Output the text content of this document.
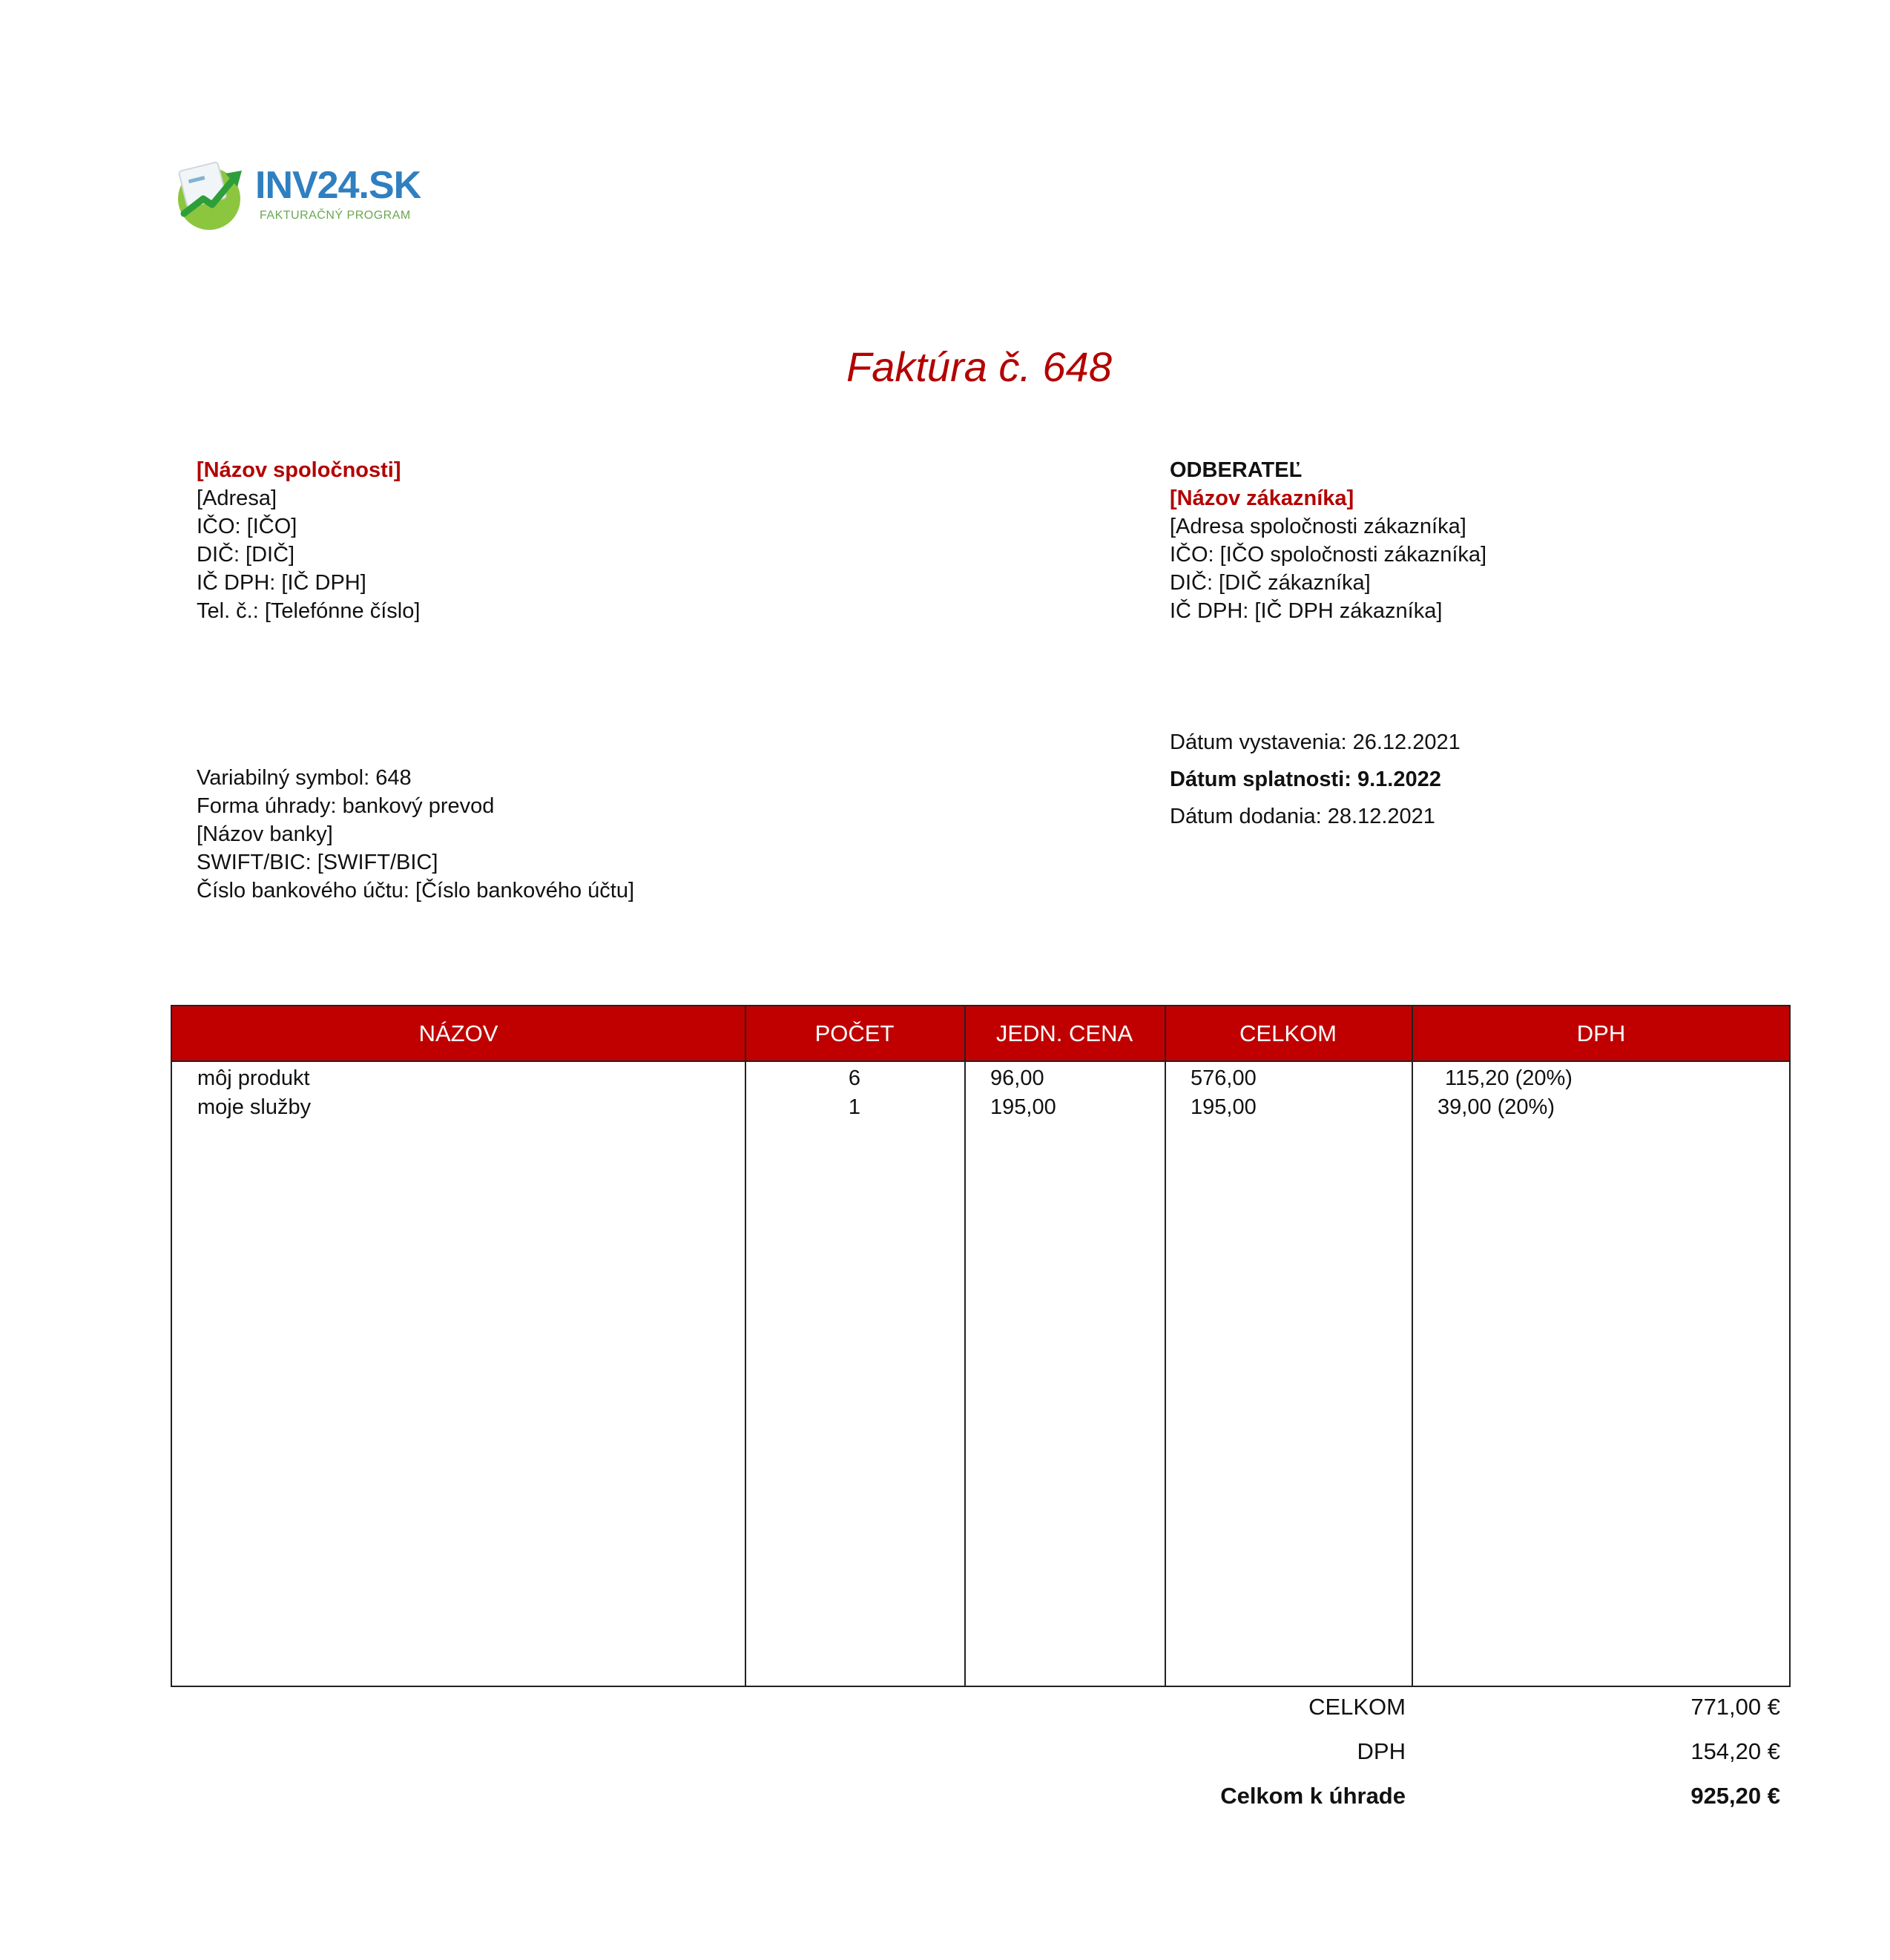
INV24.SK
FAKTURAČNÝ PROGRAM
Faktúra č. 648
[Názov spoločnosti]
[Adresa]
IČO: [IČO]
DIČ: [DIČ]
IČ DPH: [IČ DPH]
Tel. č.: [Telefónne číslo]
ODBERATEĽ
[Názov zákazníka]
[Adresa spoločnosti zákazníka]
IČO: [IČO spoločnosti zákazníka]
DIČ: [DIČ zákazníka]
IČ DPH: [IČ DPH zákazníka]
Dátum vystavenia: 26.12.2021
Dátum splatnosti: 9.1.2022
Dátum dodania: 28.12.2021
Variabilný symbol: 648
Forma úhrady: bankový prevod
[Názov banky]
SWIFT/BIC: [SWIFT/BIC]
Číslo bankového účtu: [Číslo bankového účtu]
NÁZOV	POČET	JEDN. CENA	CELKOM	DPH
môj produkt	6	96,00	576,00	115,20 (20%)
moje služby	1	195,00	195,00	39,00 (20%)
CELKOM	771,00 €
DPH	154,20 €
Celkom k úhrade	925,20 €
